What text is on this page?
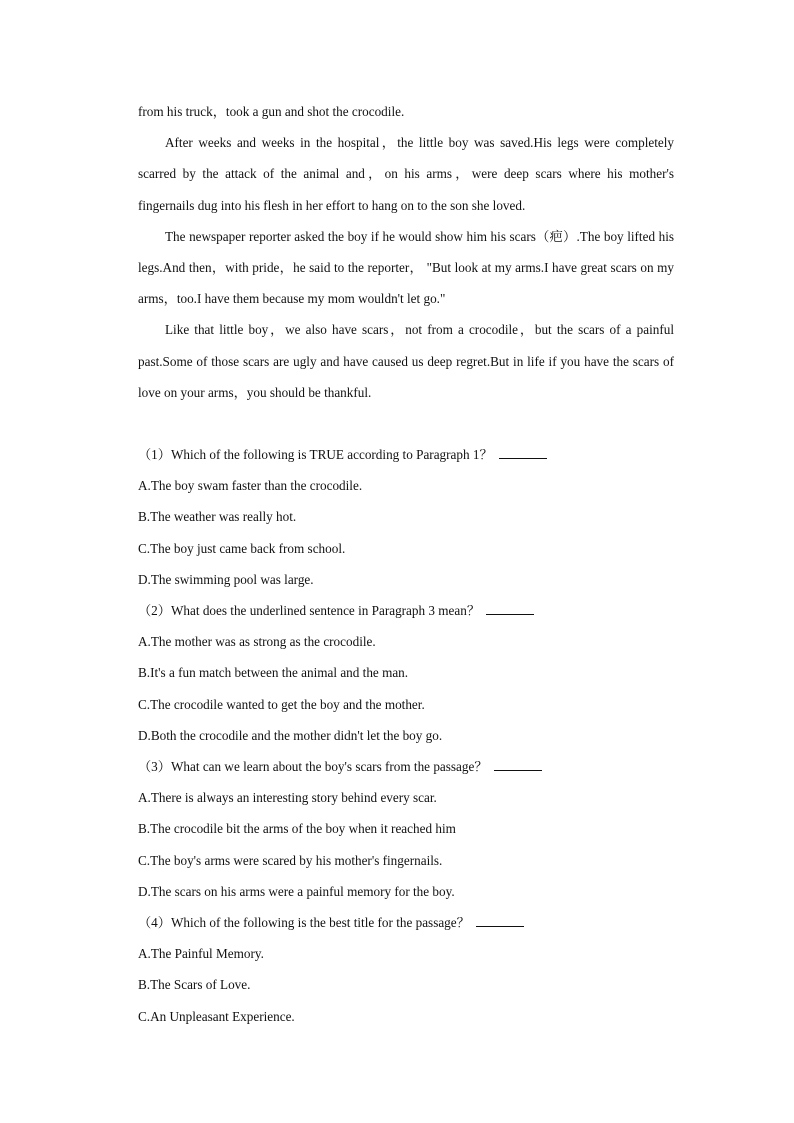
from his truck，took a gun and shot the crocodile.

After weeks and weeks in the hospital，the little boy was saved.His legs were completely scarred by the attack of the animal and，on his arms，were deep scars where his mother's fingernails dug into his flesh in her effort to hang on to the son she loved.

The newspaper reporter asked the boy if he would show him his scars（疤）.The boy lifted his legs.And then，with pride，he said to the reporter， "But look at my arms.I have great scars on my arms，too.I have them because my mom wouldn't let go."

Like that little boy，we also have scars，not from a crocodile，but the scars of a painful past.Some of those scars are ugly and have caused us deep regret.But in life if you have the scars of love on your arms，you should be thankful.

（1）Which of the following is TRUE according to Paragraph 1？

A.The boy swam faster than the crocodile.

B.The weather was really hot.

C.The boy just came back from school.

D.The swimming pool was large.

（2）What does the underlined sentence in Paragraph 3 mean？

A.The mother was as strong as the crocodile.

B.It's a fun match between the animal and the man.

C.The crocodile wanted to get the boy and the mother.

D.Both the crocodile and the mother didn't let the boy go.

（3）What can we learn about the boy's scars from the passage？

A.There is always an interesting story behind every scar.

B.The crocodile bit the arms of the boy when it reached him

C.The boy's arms were scared by his mother's fingernails.

D.The scars on his arms were a painful memory for the boy.

（4）Which of the following is the best title for the passage？

A.The Painful Memory.

B.The Scars of Love.

C.An Unpleasant Experience.
